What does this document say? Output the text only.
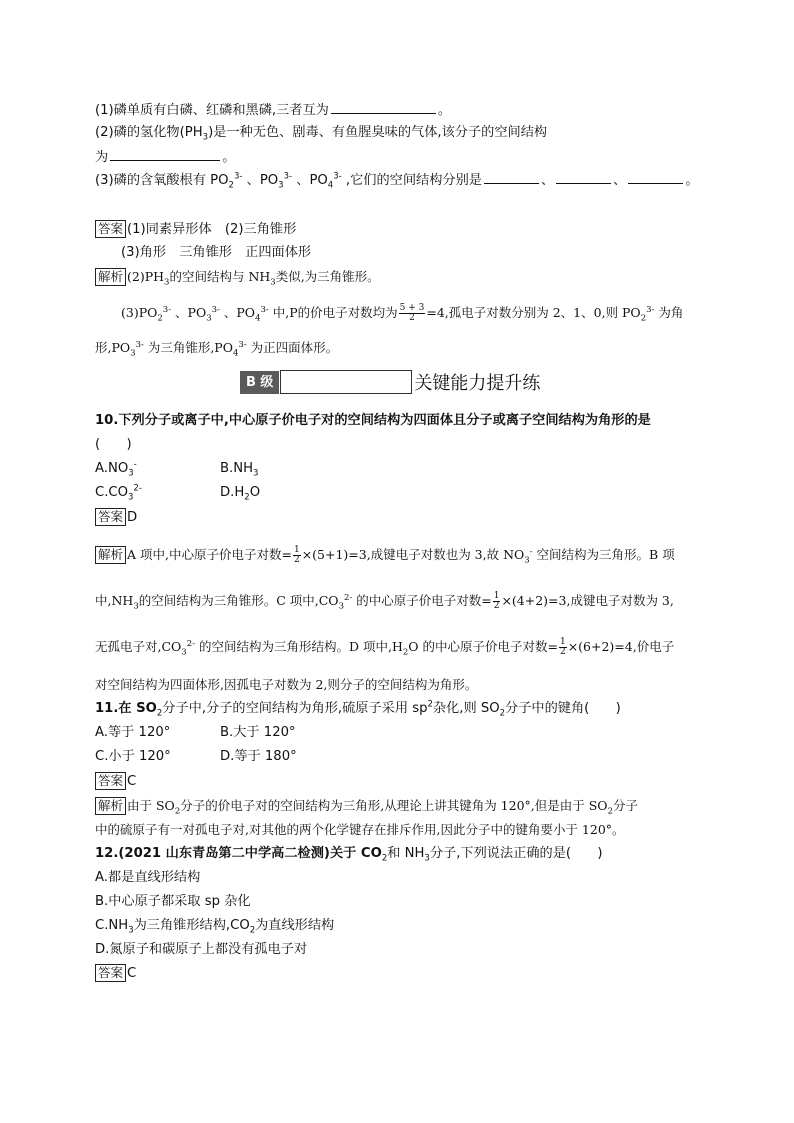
(1)磷单质有白磷、红磷和黑磷,三者互为	。
(2)磷的氢化物$(PH_3)$是一种无色、剧毒、有鱼腥臭味的气体,该分子的空间结构
为	。
(3)磷的含氧酸根有 $PO_2^{3-}$ 、$PO_3^{3-}$ 、$PO_4^{3-}$ ,它们的空间结构分别是	、	、	。
答案 (1)同素异形体　(2)三角锥形
(3)角形　三角锥形　正四面体形
解析 $(2)PH_3$的空间结构与 $NH_3$类似,为三角锥形。
$(3)PO_2^{3-}$ 、$PO_3^{3-}$ 、$PO_4^{3-}$ 中,P的价电子对数均为 $\frac{5 + 3}{2} =4$,孤电子对数分别为 2、1、0,则 $PO_2^{3-}$ 为角
形$,PO_3^{3-}$ 为三角锥形$,PO_4^{3-}$ 为正四面体形。
B 级	关键能力提升练
10.下列分子或离子中,中心原子价电子对的空间结构为四面体且分子或离子空间结构为角形的是
(　　)
$A.NO_3^-$	$B.NH_3$
$C.CO_3^{2-}$	$D.H_2O$
答案 D
解析 A 项中,中心原子价电子对数= $\frac{1}{2} \times(5+1)=3$,成键电子对数也为 3,故 $NO_3^-$ 空间结构为三角形。B 项
中$,NH_3$的空间结构为三角锥形。C 项中$,CO_3^{2-}$ 的中心原子价电子对数= $\frac{1}{2} \times(4+2)=3$,成键电子对数为 3,
无孤电子对$,CO_3^{2-}$ 的空间结构为三角形结构。D 项中$,H_2O$ 的中心原子价电子对数= $\frac{1}{2} \times(6+2)=4$,价电子
对空间结构为四面体形,因孤电子对数为 2,则分子的空间结构为角形。
11.在 $SO_2$分子中,分子的空间结构为角形,硫原子采用 $sp^2$杂化,则 $SO_2$分子中的键角(　　)
A.等于 120°	B.大于 120°
C.小于 120°	D.等于 180°
答案 C
解析 由于 $SO_2$分子的价电子对的空间结构为三角形,从理论上讲其键角为 120°,但是由于 $SO_2$分子
中的硫原子有一对孤电子对,对其他的两个化学键存在排斥作用,因此分子中的键角要小于 120°。
12.(2021 山东青岛第二中学高二检测)关于 $CO_2$和 $NH_3$分子,下列说法正确的是(　　)
A.都是直线形结构
B.中心原子都采取 sp 杂化
$C.NH_3$为三角锥形结构$,CO_2$为直线形结构
D.氮原子和碳原子上都没有孤电子对
答案 C
